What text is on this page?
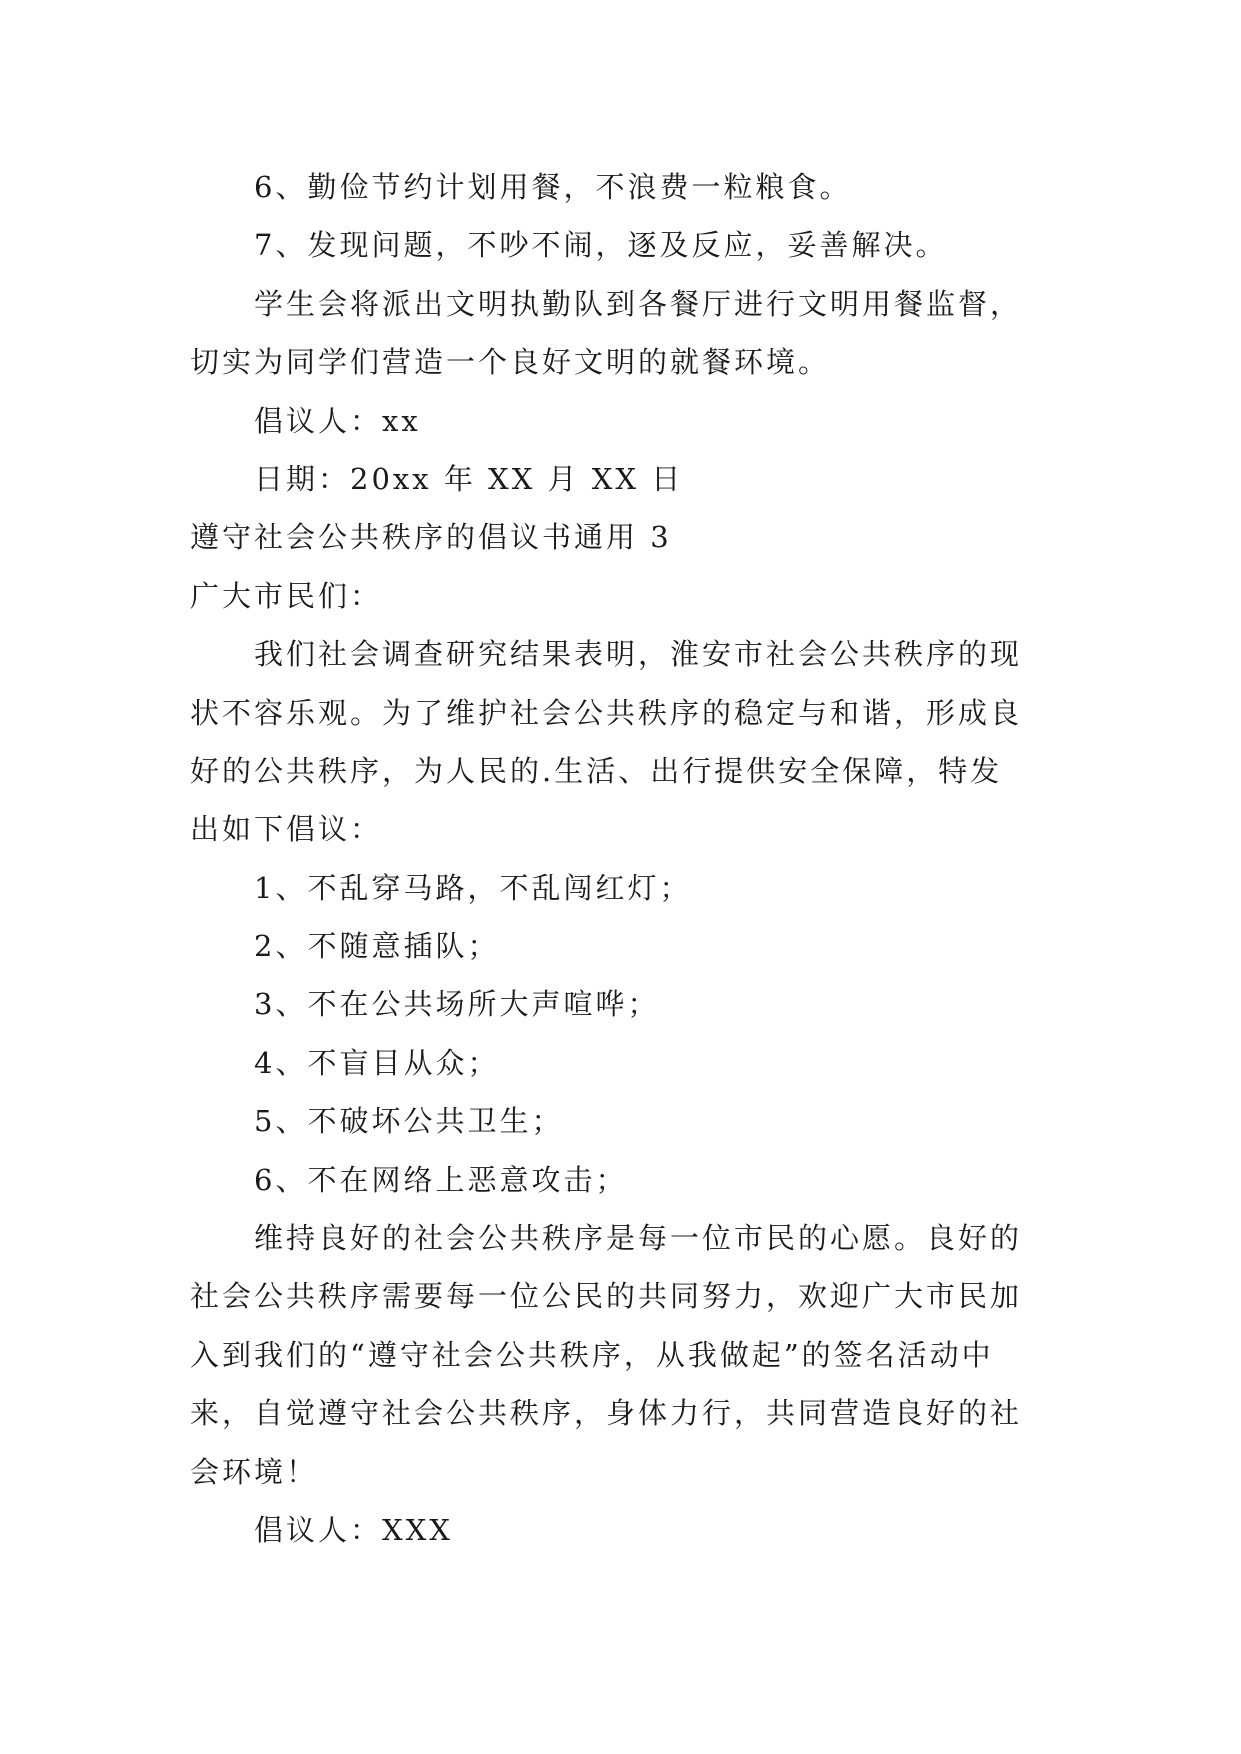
6、勤俭节约计划用餐，不浪费一粒粮食。
7、发现问题，不吵不闹，逐及反应，妥善解决。
学生会将派出文明执勤队到各餐厅进行文明用餐监督，
切实为同学们营造一个良好文明的就餐环境。
倡议人：xx
日期：20xx 年 XX 月 XX 日
遵守社会公共秩序的倡议书通用 3
广大市民们：
我们社会调查研究结果表明，淮安市社会公共秩序的现
状不容乐观。为了维护社会公共秩序的稳定与和谐，形成良
好的公共秩序，为人民的.生活、出行提供安全保障，特发
出如下倡议：
1、不乱穿马路，不乱闯红灯；
2、不随意插队；
3、不在公共场所大声喧哗；
4、不盲目从众；
5、不破坏公共卫生；
6、不在网络上恶意攻击；
维持良好的社会公共秩序是每一位市民的心愿。良好的
社会公共秩序需要每一位公民的共同努力，欢迎广大市民加
入到我们的“遵守社会公共秩序，从我做起”的签名活动中
来，自觉遵守社会公共秩序，身体力行，共同营造良好的社
会环境！
倡议人：XXX
